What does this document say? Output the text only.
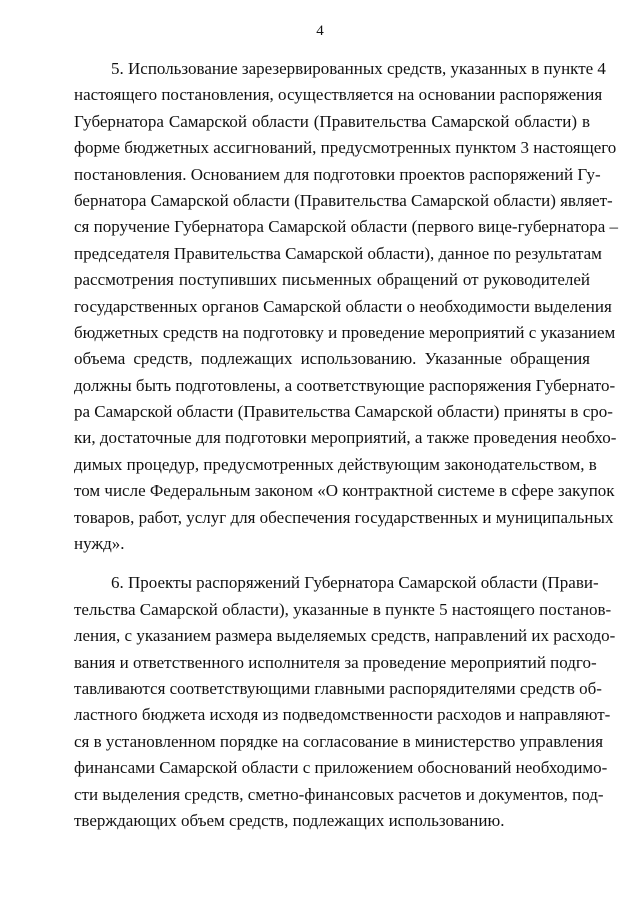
4
5. Использование зарезервированных средств, указанных в пункте 4
настоящего постановления, осуществляется на основании распоряжения
Губернатора Самарской области (Правительства Самарской области) в
форме бюджетных ассигнований, предусмотренных пунктом 3 настоящего
постановления. Основанием для подготовки проектов распоряжений Гу-
бернатора Самарской области (Правительства Самарской области) являет-
ся поручение Губернатора Самарской области (первого вице-губернатора –
председателя Правительства Самарской области), данное по результатам
рассмотрения поступивших письменных обращений от руководителей
государственных органов Самарской области о необходимости выделения
бюджетных средств на подготовку и проведение мероприятий с указанием
объема средств, подлежащих использованию. Указанные обращения
должны быть подготовлены, а соответствующие распоряжения Губернато-
ра Самарской области (Правительства Самарской области) приняты в сро-
ки, достаточные для подготовки мероприятий, а также проведения необхо-
димых процедур, предусмотренных действующим законодательством, в
том числе Федеральным законом «О контрактной системе в сфере закупок
товаров, работ, услуг для обеспечения государственных и муниципальных
нужд».
6. Проекты распоряжений Губернатора Самарской области (Прави-
тельства Самарской области), указанные в пункте 5 настоящего постанов-
ления, с указанием размера выделяемых средств, направлений их расходо-
вания и ответственного исполнителя за проведение мероприятий подго-
тавливаются соответствующими главными распорядителями средств об-
ластного бюджета исходя из подведомственности расходов и направляют-
ся в установленном порядке на согласование в министерство управления
финансами Самарской области с приложением обоснований необходимо-
сти выделения средств, сметно-финансовых расчетов и документов, под-
тверждающих объем средств, подлежащих использованию.
